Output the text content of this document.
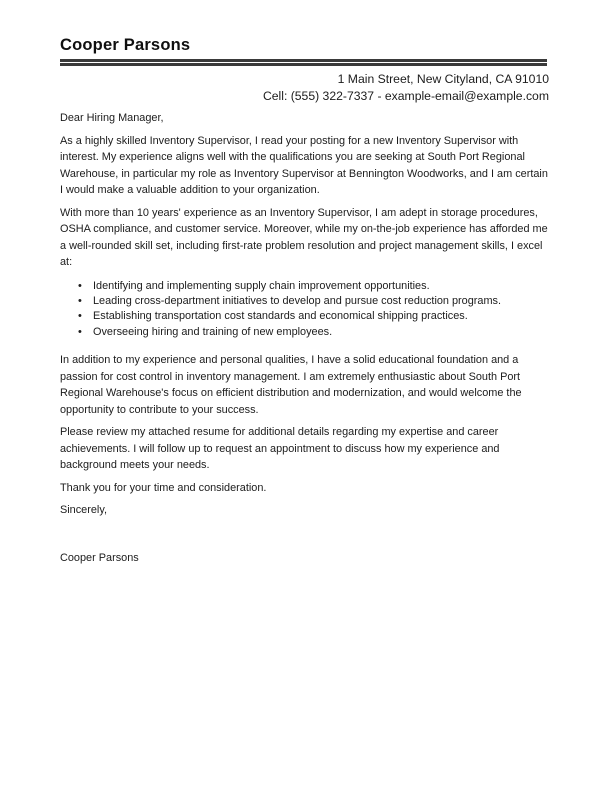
Cooper Parsons
1 Main Street, New Cityland, CA 91010
Cell: (555) 322-7337 - example-email@example.com

Dear Hiring Manager,

As a highly skilled Inventory Supervisor, I read your posting for a new Inventory Supervisor with interest. My experience aligns well with the qualifications you are seeking at South Port Regional Warehouse, in particular my role as Inventory Supervisor at Bennington Woodworks, and I am certain I would make a valuable addition to your organization.

With more than 10 years' experience as an Inventory Supervisor, I am adept in storage procedures, OSHA compliance, and customer service. Moreover, while my on-the-job experience has afforded me a well-rounded skill set, including first-rate problem resolution and project management skills, I excel at:

• Identifying and implementing supply chain improvement opportunities.
• Leading cross-department initiatives to develop and pursue cost reduction programs.
• Establishing transportation cost standards and economical shipping practices.
• Overseeing hiring and training of new employees.

In addition to my experience and personal qualities, I have a solid educational foundation and a passion for cost control in inventory management. I am extremely enthusiastic about South Port Regional Warehouse's focus on efficient distribution and modernization, and would welcome the opportunity to contribute to your success.

Please review my attached resume for additional details regarding my expertise and career achievements. I will follow up to request an appointment to discuss how my experience and background meets your needs.

Thank you for your time and consideration.

Sincerely,

Cooper Parsons
